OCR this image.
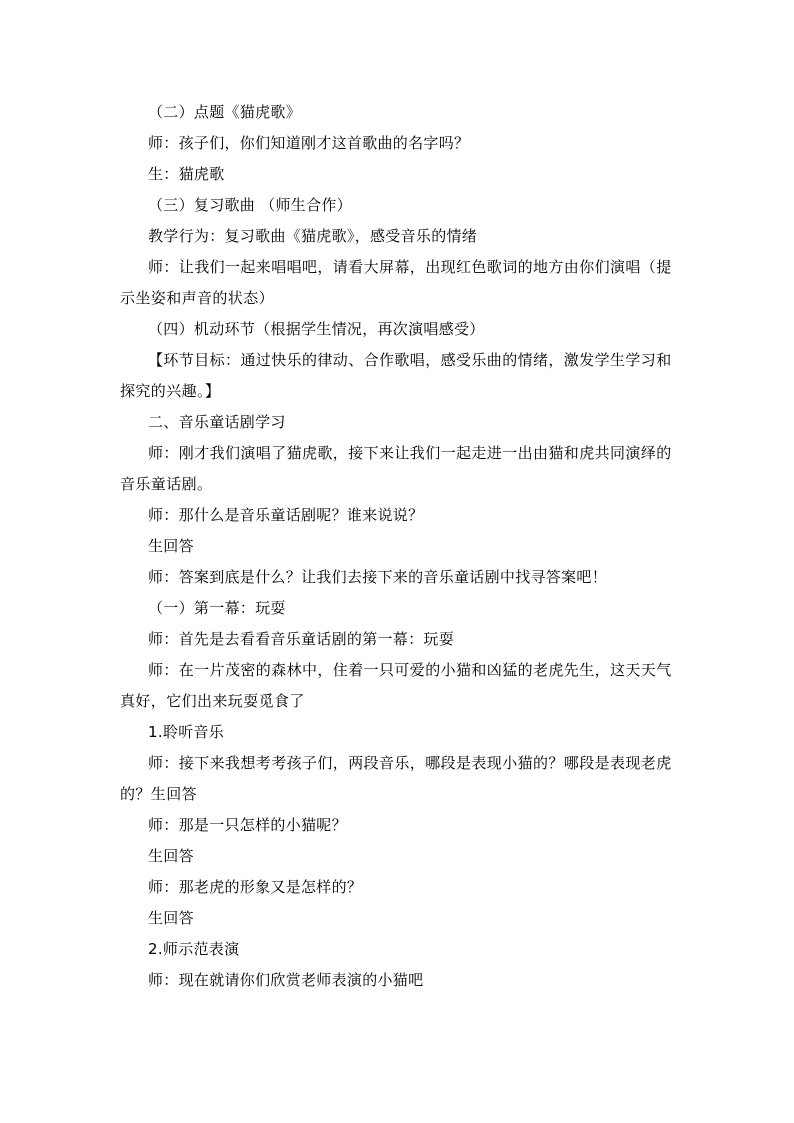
（二）点题《猫虎歌》
师：孩子们，你们知道刚才这首歌曲的名字吗？
生：猫虎歌
（三）复习歌曲 （师生合作）
教学行为：复习歌曲《猫虎歌》，感受音乐的情绪
师：让我们一起来唱唱吧，请看大屏幕，出现红色歌词的地方由你们演唱（提示坐姿和声音的状态）
（四）机动环节（根据学生情况，再次演唱感受）
【环节目标：通过快乐的律动、合作歌唱，感受乐曲的情绪，激发学生学习和探究的兴趣。】
二、音乐童话剧学习
师：刚才我们演唱了猫虎歌，接下来让我们一起走进一出由猫和虎共同演绎的音乐童话剧。
师：那什么是音乐童话剧呢？谁来说说？
生回答
师：答案到底是什么？让我们去接下来的音乐童话剧中找寻答案吧！
（一）第一幕：玩耍
师：首先是去看看音乐童话剧的第一幕：玩耍
师：在一片茂密的森林中，住着一只可爱的小猫和凶猛的老虎先生，这天天气真好，它们出来玩耍觅食了
1.聆听音乐
师：接下来我想考考孩子们，两段音乐，哪段是表现小猫的？哪段是表现老虎的？生回答
师：那是一只怎样的小猫呢？
生回答
师：那老虎的形象又是怎样的？
生回答
2.师示范表演
师：现在就请你们欣赏老师表演的小猫吧
